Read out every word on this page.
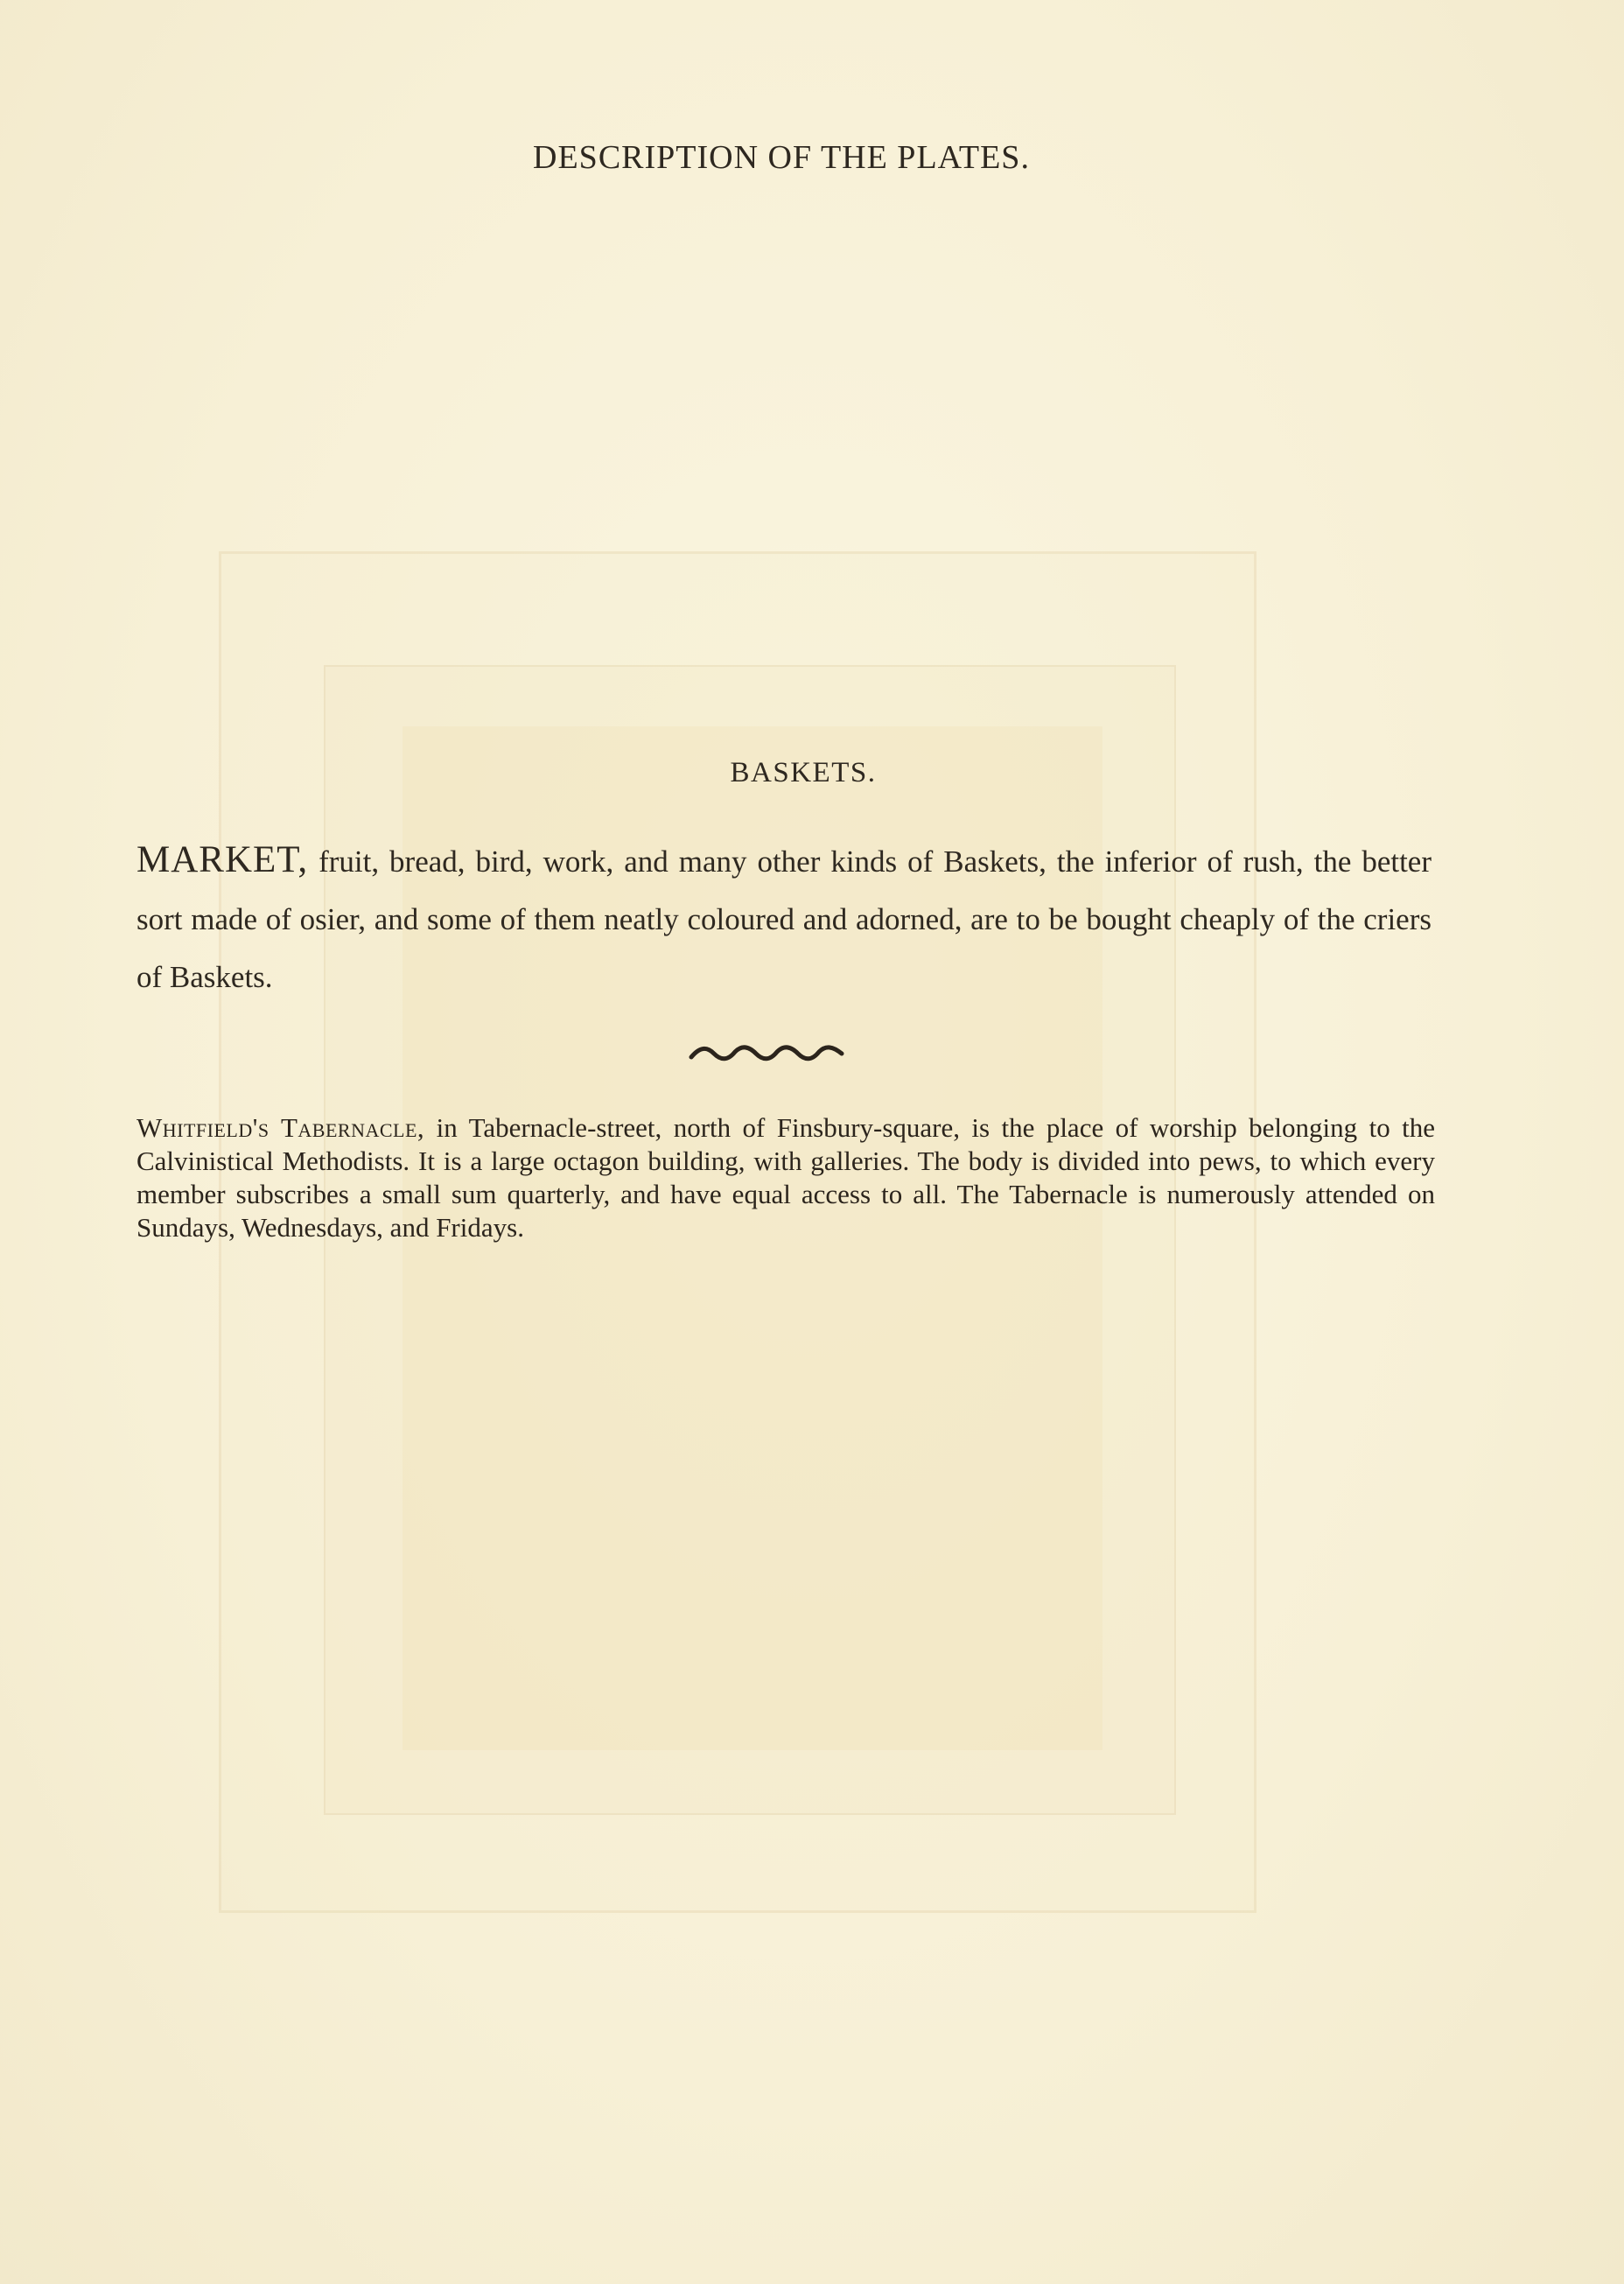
DESCRIPTION OF THE PLATES.
BASKETS.

MARKET, fruit, bread, bird, work, and many other kinds of Baskets, the inferior of rush, the better sort made of osier, and some of them neatly coloured and adorned, are to be bought cheaply of the criers of Baskets.

Whitfield's Tabernacle, in Tabernacle-street, north of Finsbury-square, is the place of worship belonging to the Calvinistical Methodists. It is a large octagon building, with galleries. The body is divided into pews, to which every member subscribes a small sum quarterly, and have equal access to all. The Tabernacle is numerously attended on Sundays, Wednesdays, and Fridays.
